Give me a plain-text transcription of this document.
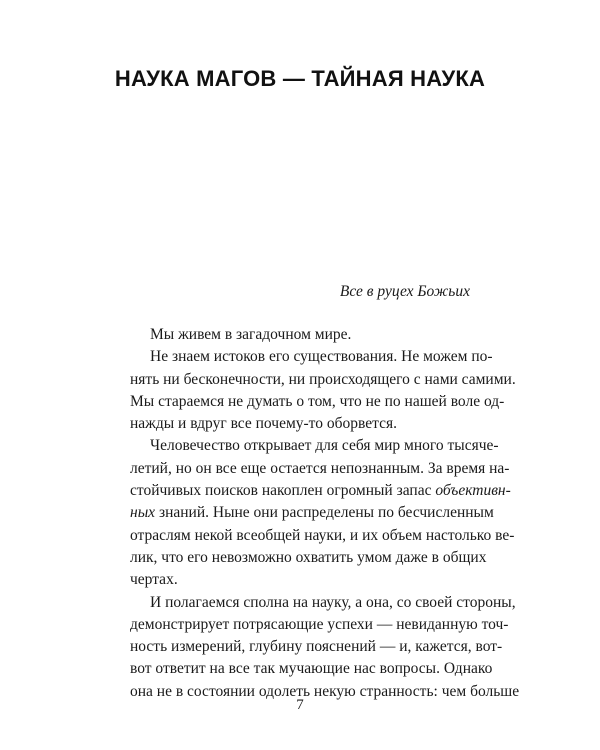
НАУКА МАГОВ — ТАЙНАЯ НАУКА

Все в руцех Божьих

Мы живем в загадочном мире.
Не знаем истоков его существования. Не можем по-
нять ни бесконечности, ни происходящего с нами самими.
Мы стараемся не думать о том, что не по нашей воле од-
нажды и вдруг все почему-то оборвется.
Человечество открывает для себя мир много тысячe-
летий, но он все еще остается непознанным. За время на-
стойчивых поисков накоплен огромный запас объективн-
ных знаний. Ныне они распределены по бесчисленным
отраслям некой всеобщей науки, и их объем настолько ве-
лик, что его невозможно охватить умом даже в общих
чертах.
И полагаемся сполна на науку, а она, со своей стороны,
демонстрирует потрясающие успехи — невиданную точ-
ность измерений, глубину пояснений — и, кажется, вот-
вот ответит на все так мучающие нас вопросы. Однако
она не в состоянии одолеть некую странность: чем больше

7
